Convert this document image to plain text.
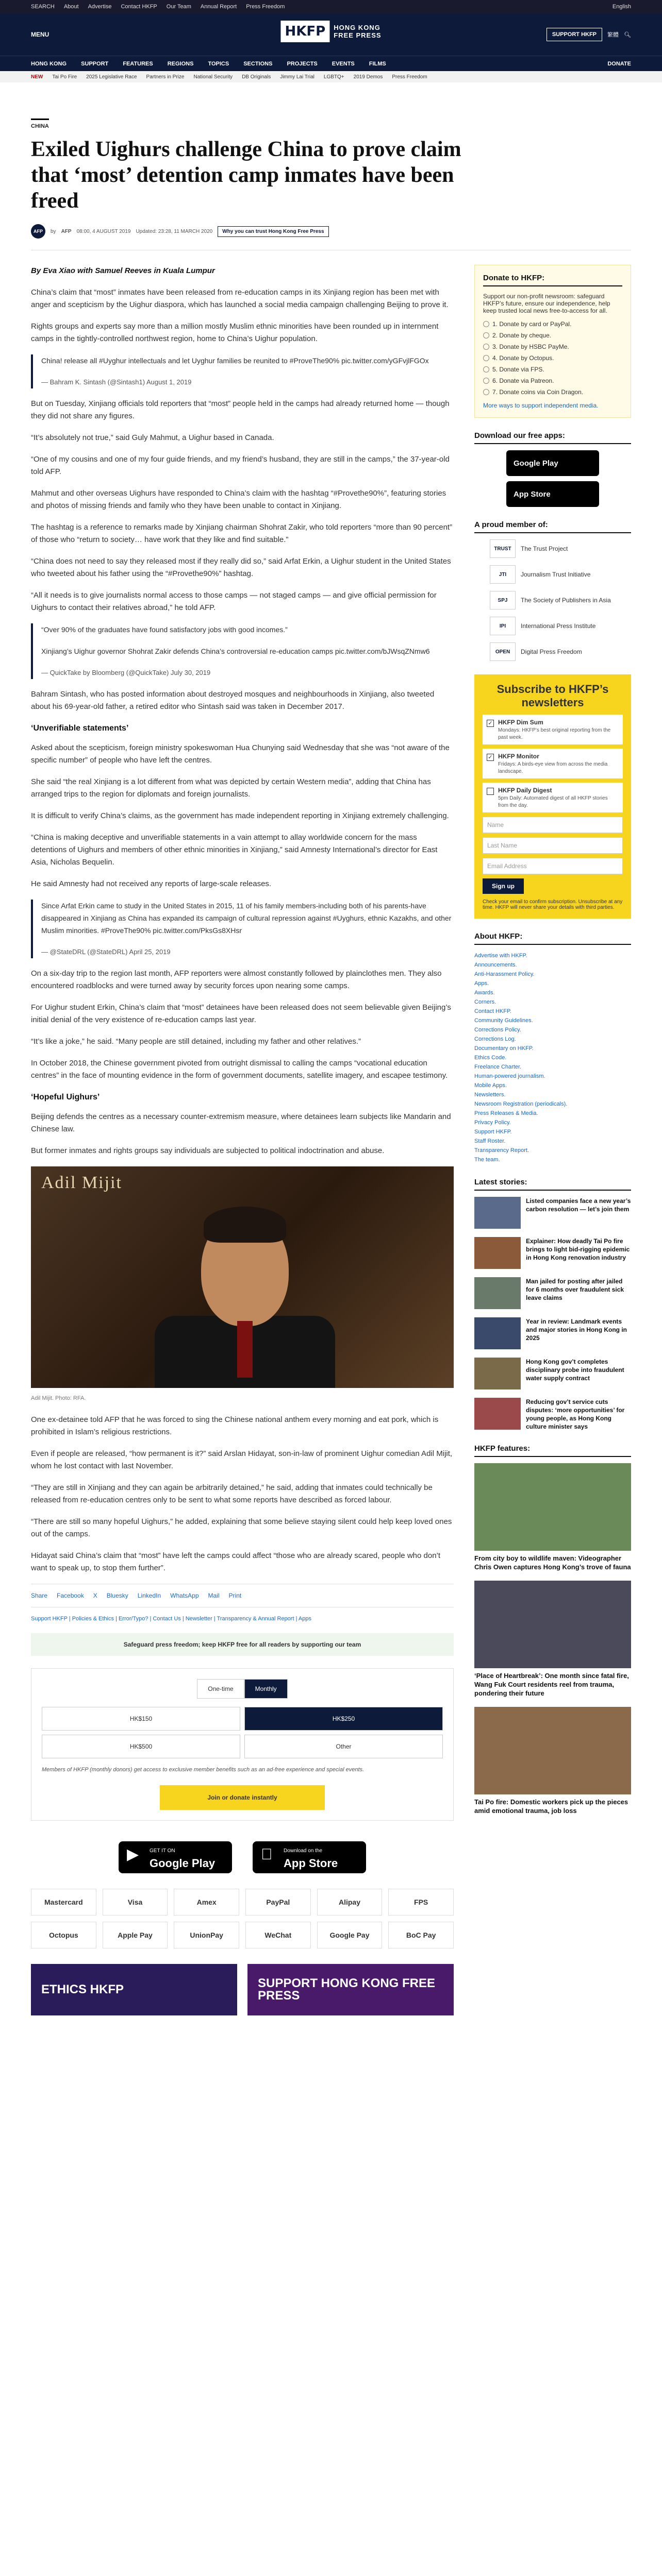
SEARCH About Advertise Contact HKFP Our Team Annual Report Press Freedom	English
MENU	HKFP	HONG KONG
FREE PRESS	SUPPORT HKFP	繁體 🔍︎
HONG KONG	SUPPORT	FEATURES	REGIONS	TOPICS	SECTIONS	PROJECTS	EVENTS	FILMS	DONATE
NEW Tai Po Fire 2025 Legislative Race Partners in Prize National Security DB Originals Jimmy Lai Trial LGBTQ+ 2019 Demos Press Freedom
CHINA
Exiled Uighurs challenge China to prove claim that ‘most’ detention camp inmates have been freed
AFP	by AFP 08:00, 4 AUGUST 2019 Updated: 23:28, 11 MARCH 2020	Why you can trust Hong Kong Free Press

By Eva Xiao with Samuel Reeves in Kuala Lumpur

China’s claim that “most” inmates have been released from re-education camps in its Xinjiang region has been met with anger and scepticism by the Uighur diaspora, which has launched a social media campaign challenging Beijing to prove it.

Rights groups and experts say more than a million mostly Muslim ethnic minorities have been rounded up in internment camps in the tightly-controlled northwest region, home to China’s Uighur population.

China! release all #Uyghur intellectuals and let Uyghur families be reunited to #ProveThe90% pic.twitter.com/yGFvjlFGOx

— Bahram K. Sintash (@Sintash1) August 1, 2019

But on Tuesday, Xinjiang officials told reporters that “most” people held in the camps had already returned home — though they did not share any figures.

“It’s absolutely not true,” said Guly Mahmut, a Uighur based in Canada.

“One of my cousins and one of my four guide friends, and my friend’s husband, they are still in the camps,” the 37-year-old told AFP.

Mahmut and other overseas Uighurs have responded to China’s claim with the hashtag “#Provethe90%”, featuring stories and photos of missing friends and family who they have been unable to contact in Xinjiang.

The hashtag is a reference to remarks made by Xinjiang chairman Shohrat Zakir, who told reporters “more than 90 percent” of those who “return to society… have work that they like and find suitable.”

“China does not need to say they released most if they really did so,” said Arfat Erkin, a Uighur student in the United States who tweeted about his father using the “#Provethe90%” hashtag.

“All it needs is to give journalists normal access to those camps — not staged camps — and give official permission for Uighurs to contact their relatives abroad,” he told AFP.

“Over 90% of the graduates have found satisfactory jobs with good incomes.”

Xinjiang’s Uighur governor Shohrat Zakir defends China’s controversial re-education camps pic.twitter.com/bJWsqZNmw6

— QuickTake by Bloomberg (@QuickTake) July 30, 2019

Bahram Sintash, who has posted information about destroyed mosques and neighbourhoods in Xinjiang, also tweeted about his 69-year-old father, a retired editor who Sintash said was taken in December 2017.

‘Unverifiable statements’

Asked about the scepticism, foreign ministry spokeswoman Hua Chunying said Wednesday that she was “not aware of the specific number” of people who have left the centres.

She said “the real Xinjiang is a lot different from what was depicted by certain Western media”, adding that China has arranged trips to the region for diplomats and foreign journalists.

It is difficult to verify China’s claims, as the government has made independent reporting in Xinjiang extremely challenging.

“China is making deceptive and unverifiable statements in a vain attempt to allay worldwide concern for the mass detentions of Uighurs and members of other ethnic minorities in Xinjiang,” said Amnesty International’s director for East Asia, Nicholas Bequelin.

He said Amnesty had not received any reports of large-scale releases.

Since Arfat Erkin came to study in the United States in 2015, 11 of his family members-including both of his parents-have disappeared in Xinjiang as China has expanded its campaign of cultural repression against #Uyghurs, ethnic Kazakhs, and other Muslim minorities. #ProveThe90% pic.twitter.com/PksGs8XHsr

— @StateDRL (@StateDRL) April 25, 2019

On a six-day trip to the region last month, AFP reporters were almost constantly followed by plainclothes men. They also encountered roadblocks and were turned away by security forces upon nearing some camps.

For Uighur student Erkin, China’s claim that “most” detainees have been released does not seem believable given Beijing’s initial denial of the very existence of re-education camps last year.

“It’s like a joke,” he said. “Many people are still detained, including my father and other relatives.”

In October 2018, the Chinese government pivoted from outright dismissal to calling the camps “vocational education centres” in the face of mounting evidence in the form of government documents, satellite imagery, and escapee testimony.

‘Hopeful Uighurs’

Beijing defends the centres as a necessary counter-extremism measure, where detainees learn subjects like Mandarin and Chinese law.

But former inmates and rights groups say individuals are subjected to political indoctrination and abuse.

Adil Mijit

Adil Mijit. Photo: RFA.

One ex-detainee told AFP that he was forced to sing the Chinese national anthem every morning and eat pork, which is prohibited in Islam’s religious restrictions.

Even if people are released, “how permanent is it?” said Arslan Hidayat, son-in-law of prominent Uighur comedian Adil Mijit, whom he lost contact with last November.

“They are still in Xinjiang and they can again be arbitrarily detained,” he said, adding that inmates could technically be released from re-education centres only to be sent to what some reports have described as forced labour.

“There are still so many hopeful Uighurs,” he added, explaining that some believe staying silent could help keep loved ones out of the camps.

Hidayat said China’s claim that “most” have left the camps could affect “those who are already scared, people who don’t want to speak up, to stop them further”.

Share Facebook X Bluesky LinkedIn WhatsApp Mail Print
Support HKFP | Policies & Ethics | Error/Typo? | Contact Us | Newsletter | Transparency & Annual Report | Apps
Safeguard press freedom; keep HKFP free for all readers by supporting our team
One-time	Monthly
HK$150	HK$250
HK$500	Other

Members of HKFP (monthly donors) get access to exclusive member benefits such as an ad-free experience and special events.

Join or donate instantly
▶ GET IT ON
Google Play
Download on the
App Store
Mastercard	Visa	Amex	PayPal	Alipay	FPS
Octopus	Apple Pay	UnionPay	WeChat	Google Pay	BoC Pay
ETHICS HKFP	SUPPORT HONG KONG FREE PRESS
Donate to HKFP:

Support our non-profit newsroom: safeguard HKFP’s future, ensure our independence, help keep trusted local news free-to-access for all.

1. Donate by card or PayPal.
2. Donate by cheque.
3. Donate by HSBC PayMe.
4. Donate by Octopus.
5. Donate via FPS.
6. Donate via Patreon.
7. Donate coins via Coin Dragon.

More ways to support independent media.

Download our free apps:
Google Play
App Store
A proud member of:
TRUST	The Trust Project
JTI	Journalism Trust Initiative
SPJ	The Society of Publishers in Asia
IPI	International Press Institute
OPEN	Digital Press Freedom
Subscribe to HKFP’s newsletters
✓ HKFP Dim Sum
Mondays: HKFP’s best original reporting from the past week.
✓ HKFP Monitor
Fridays: A birds-eye view from across the media landscape.
HKFP Daily Digest
5pm Daily: Automated digest of all HKFP stories from the day.
Name
Last Name
Email Address
Sign up

Check your email to confirm subscription. Unsubscribe at any time. HKFP will never share your details with third parties.

About HKFP:
Advertise with HKFP.
Announcements.
Anti-Harassment Policy.
Apps.
Awards.
Corners.
Contact HKFP.
Community Guidelines.
Corrections Policy.
Corrections Log.
Documentary on HKFP.
Ethics Code.
Freelance Charter.
Human-powered journalism.
Mobile Apps.
Newsletters.
Newsroom Registration (periodicals).
Press Releases & Media.
Privacy Policy.
Support HKFP.
Staff Roster.
Transparency Report.
The team.
Latest stories:

Listed companies face a new year’s carbon resolution — let’s join them

Explainer: How deadly Tai Po fire brings to light bid-rigging epidemic in Hong Kong renovation industry

Man jailed for posting after jailed for 6 months over fraudulent sick leave claims

Year in review: Landmark events and major stories in Hong Kong in 2025

Hong Kong gov’t completes disciplinary probe into fraudulent water supply contract

Reducing gov’t service cuts disputes: ‘more opportunities’ for young people, as Hong Kong culture minister says

HKFP features:

From city boy to wildlife maven: Videographer Chris Owen captures Hong Kong’s trove of fauna

‘Place of Heartbreak’: One month since fatal fire, Wang Fuk Court residents reel from trauma, pondering their future

Tai Po fire: Domestic workers pick up the pieces amid emotional trauma, job loss
